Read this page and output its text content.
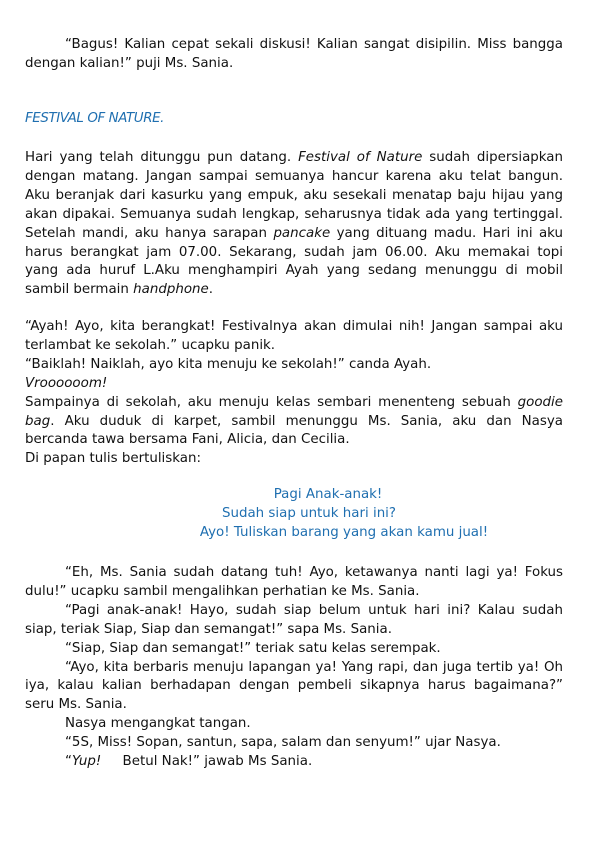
“Bagus! Kalian cepat sekali diskusi! Kalian sangat disipilin. Miss bangga dengan kalian!” puji Ms. Sania.

FESTIVAL OF NATURE.

Hari yang telah ditunggu pun datang. Festival of Nature sudah dipersiapkan dengan matang. Jangan sampai semuanya hancur karena aku telat bangun. Aku beranjak dari kasurku yang empuk, aku sesekali menatap baju hijau yang akan dipakai. Semuanya sudah lengkap, seharusnya tidak ada yang tertinggal. Setelah mandi, aku hanya sarapan pancake yang dituang madu. Hari ini aku harus berangkat jam 07.00. Sekarang, sudah jam 06.00. Aku memakai topi yang ada huruf L.Aku menghampiri Ayah yang sedang menunggu di mobil sambil bermain handphone.

“Ayah! Ayo, kita berangkat! Festivalnya akan dimulai nih! Jangan sampai aku terlambat ke sekolah.” ucapku panik.

“Baiklah! Naiklah, ayo kita menuju ke sekolah!” canda Ayah.

Vroooooom!

Sampainya di sekolah, aku menuju kelas sembari menenteng sebuah goodie bag. Aku duduk di karpet, sambil menunggu Ms. Sania, aku dan Nasya bercanda tawa bersama Fani, Alicia, dan Cecilia.

Di papan tulis bertuliskan:

Pagi Anak-anak!

Sudah siap untuk hari ini?

Ayo! Tuliskan barang yang akan kamu jual!

“Eh, Ms. Sania sudah datang tuh! Ayo, ketawanya nanti lagi ya! Fokus dulu!” ucapku sambil mengalihkan perhatian ke Ms. Sania.

“Pagi anak-anak! Hayo, sudah siap belum untuk hari ini? Kalau sudah siap, teriak Siap, Siap dan semangat!” sapa Ms. Sania.

“Siap, Siap dan semangat!” teriak satu kelas serempak.

“Ayo, kita berbaris menuju lapangan ya! Yang rapi, dan juga tertib ya! Oh iya, kalau kalian berhadapan dengan pembeli sikapnya harus bagaimana?” seru Ms. Sania.

Nasya mengangkat tangan.

“5S, Miss! Sopan, santun, sapa, salam dan senyum!” ujar Nasya.

“Yup!     Betul Nak!” jawab Ms Sania.
